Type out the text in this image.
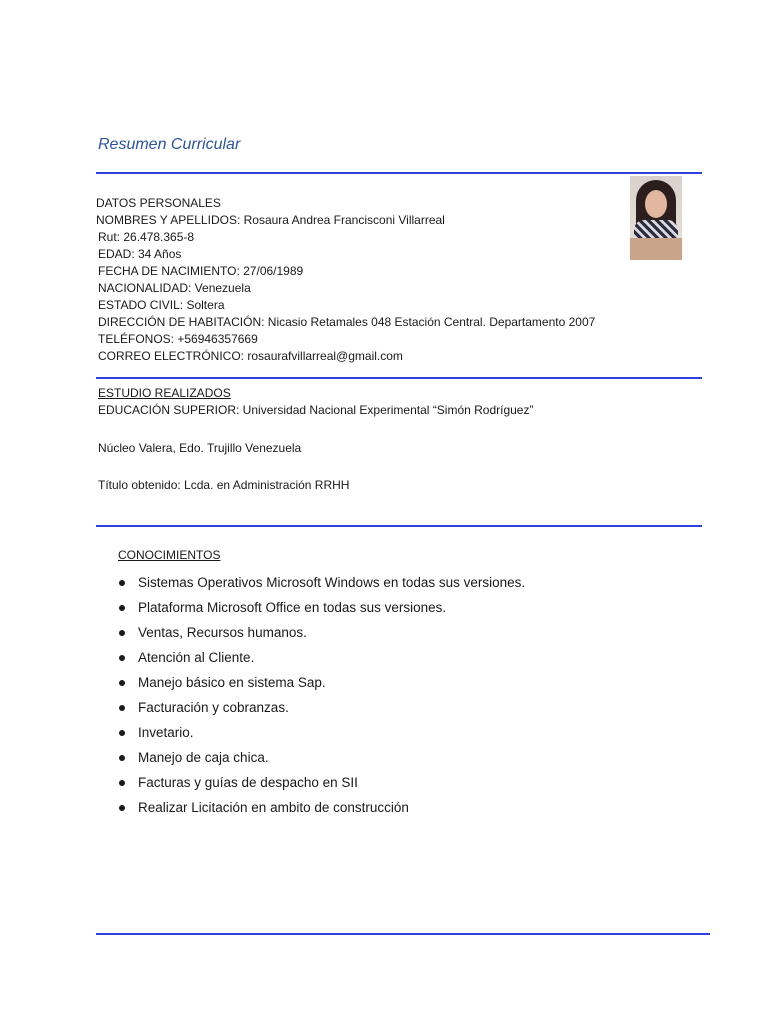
Resumen Curricular
DATOS PERSONALES
NOMBRES Y APELLIDOS: Rosaura Andrea Francisconi Villarreal
Rut: 26.478.365-8
EDAD: 34 Años
FECHA DE NACIMIENTO: 27/06/1989
NACIONALIDAD: Venezuela
ESTADO CIVIL: Soltera
DIRECCIÓN DE HABITACIÓN: Nicasio Retamales 048 Estación Central. Departamento 2007
TELÉFONOS: +56946357669
CORREO ELECTRÓNICO: rosaurafvillarreal@gmail.com
ESTUDIO REALIZADOS
EDUCACIÓN SUPERIOR: Universidad Nacional Experimental “Simón Rodríguez”
Núcleo Valera, Edo. Trujillo Venezuela
Título obtenido: Lcda. en Administración RRHH
CONOCIMIENTOS
Sistemas Operativos Microsoft Windows en todas sus versiones.
Plataforma Microsoft Office en todas sus versiones.
Ventas, Recursos humanos.
Atención al Cliente.
Manejo básico en sistema Sap.
Facturación y cobranzas.
Invetario.
Manejo de caja chica.
Facturas y guías de despacho en SII
Realizar Licitación en ambito de construcción
